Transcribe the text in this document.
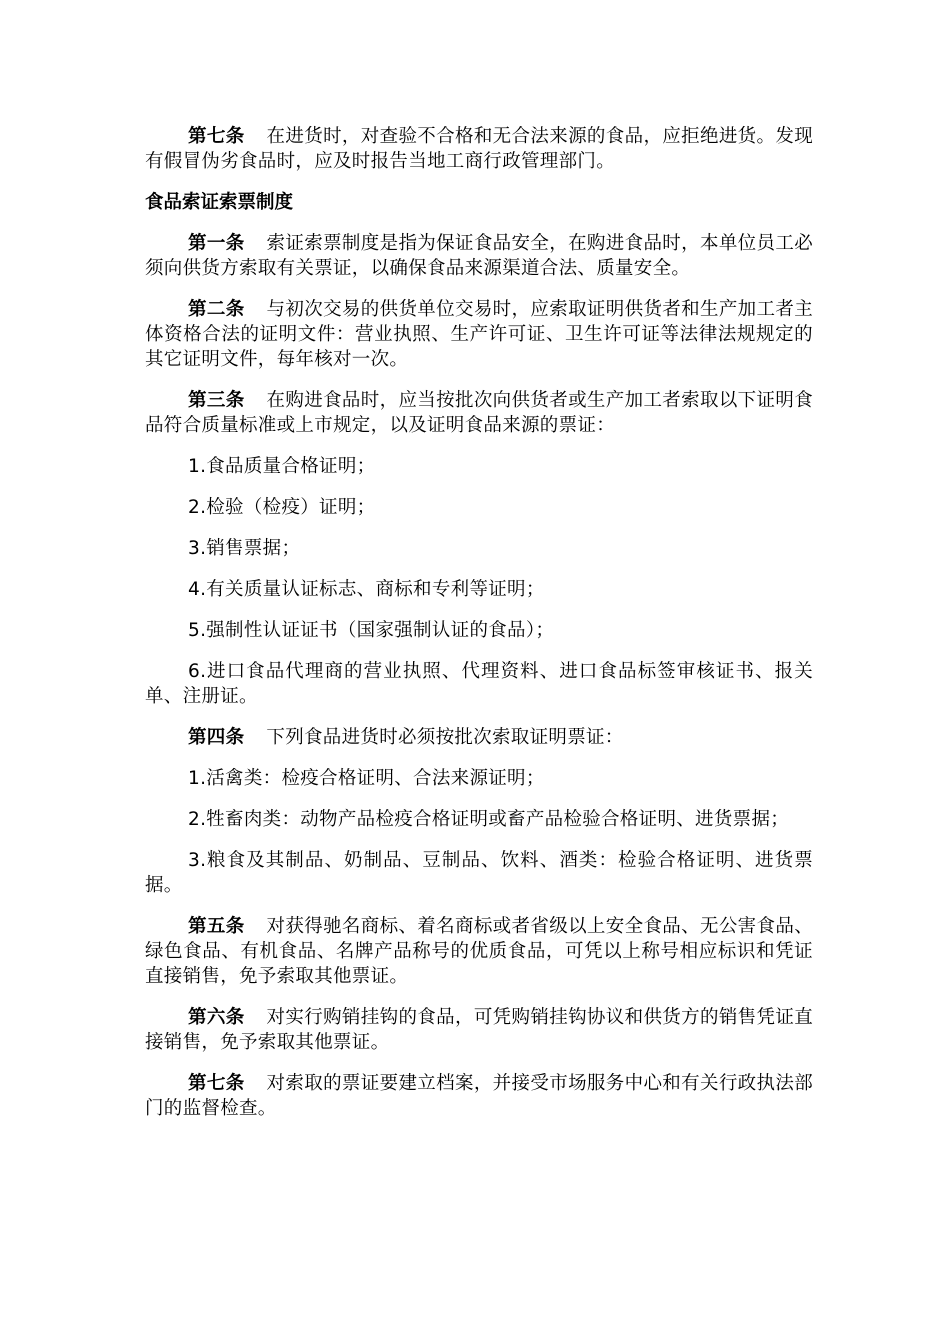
第七条 在进货时，对查验不合格和无合法来源的食品，应拒绝进货。发现有假冒伪劣食品时，应及时报告当地工商行政管理部门。

食品索证索票制度

第一条 索证索票制度是指为保证食品安全，在购进食品时，本单位员工必须向供货方索取有关票证，以确保食品来源渠道合法、质量安全。

第二条 与初次交易的供货单位交易时，应索取证明供货者和生产加工者主体资格合法的证明文件：营业执照、生产许可证、卫生许可证等法律法规规定的其它证明文件，每年核对一次。

第三条 在购进食品时，应当按批次向供货者或生产加工者索取以下证明食品符合质量标准或上市规定，以及证明食品来源的票证：

1.食品质量合格证明；

2.检验（检疫）证明；

3.销售票据；

4.有关质量认证标志、商标和专利等证明；

5.强制性认证证书（国家强制认证的食品）；

6.进口食品代理商的营业执照、代理资料、进口食品标签审核证书、报关单、注册证。

第四条 下列食品进货时必须按批次索取证明票证：

1.活禽类：检疫合格证明、合法来源证明；

2.牲畜肉类：动物产品检疫合格证明或畜产品检验合格证明、进货票据；

3.粮食及其制品、奶制品、豆制品、饮料、酒类：检验合格证明、进货票据。

第五条 对获得驰名商标、着名商标或者省级以上安全食品、无公害食品、绿色食品、有机食品、名牌产品称号的优质食品，可凭以上称号相应标识和凭证直接销售，免予索取其他票证。

第六条 对实行购销挂钩的食品，可凭购销挂钩协议和供货方的销售凭证直接销售，免予索取其他票证。

第七条 对索取的票证要建立档案，并接受市场服务中心和有关行政执法部门的监督检查。
